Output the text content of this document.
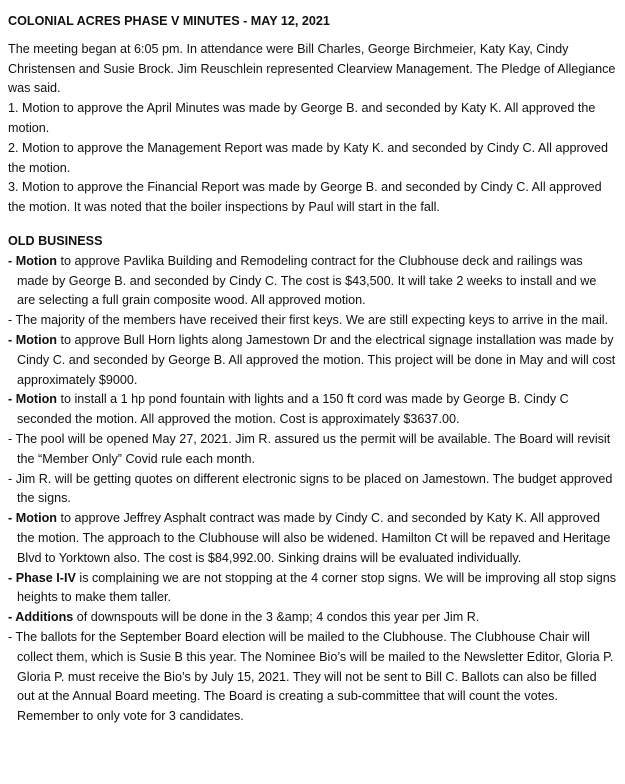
COLONIAL ACRES PHASE V MINUTES - MAY 12, 2021

The meeting began at 6:05 pm. In attendance were Bill Charles, George Birchmeier, Katy Kay, Cindy Christensen and Susie Brock. Jim Reuschlein represented Clearview Management. The Pledge of Allegiance was said.

1. Motion to approve the April Minutes was made by George B. and seconded by Katy K. All approved the motion.

2. Motion to approve the Management Report was made by Katy K. and seconded by Cindy C. All approved the motion.

3. Motion to approve the Financial Report was made by George B. and seconded by Cindy C. All approved the motion. It was noted that the boiler inspections by Paul will start in the fall.

OLD BUSINESS

- Motion to approve Pavlika Building and Remodeling contract for the Clubhouse deck and railings was made by George B. and seconded by Cindy C. The cost is $43,500. It will take 2 weeks to install and we are selecting a full grain composite wood. All approved motion.

- The majority of the members have received their first keys. We are still expecting keys to arrive in the mail.

- Motion to approve Bull Horn lights along Jamestown Dr and the electrical signage installation was made by Cindy C. and seconded by George B. All approved the motion. This project will be done in May and will cost approximately $9000.

- Motion to install a 1 hp pond fountain with lights and a 150 ft cord was made by George B. Cindy C seconded the motion. All approved the motion. Cost is approximately $3637.00.

- The pool will be opened May 27, 2021. Jim R. assured us the permit will be available. The Board will revisit the “Member Only” Covid rule each month.

- Jim R. will be getting quotes on different electronic signs to be placed on Jamestown. The budget approved the signs.

- Motion to approve Jeffrey Asphalt contract was made by Cindy C. and seconded by Katy K. All approved the motion. The approach to the Clubhouse will also be widened. Hamilton Ct will be repaved and Heritage Blvd to Yorktown also. The cost is $84,992.00. Sinking drains will be evaluated individually.

- Phase I-IV is complaining we are not stopping at the 4 corner stop signs. We will be improving all stop signs heights to make them taller.

- Additions of downspouts will be done in the 3 &amp; 4 condos this year per Jim R.

- The ballots for the September Board election will be mailed to the Clubhouse. The Clubhouse Chair will collect them, which is Susie B this year. The Nominee Bio’s will be mailed to the Newsletter Editor, Gloria P. Gloria P. must receive the Bio’s by July 15, 2021. They will not be sent to Bill C. Ballots can also be filled out at the Annual Board meeting. The Board is creating a sub-committee that will count the votes. Remember to only vote for 3 candidates.
